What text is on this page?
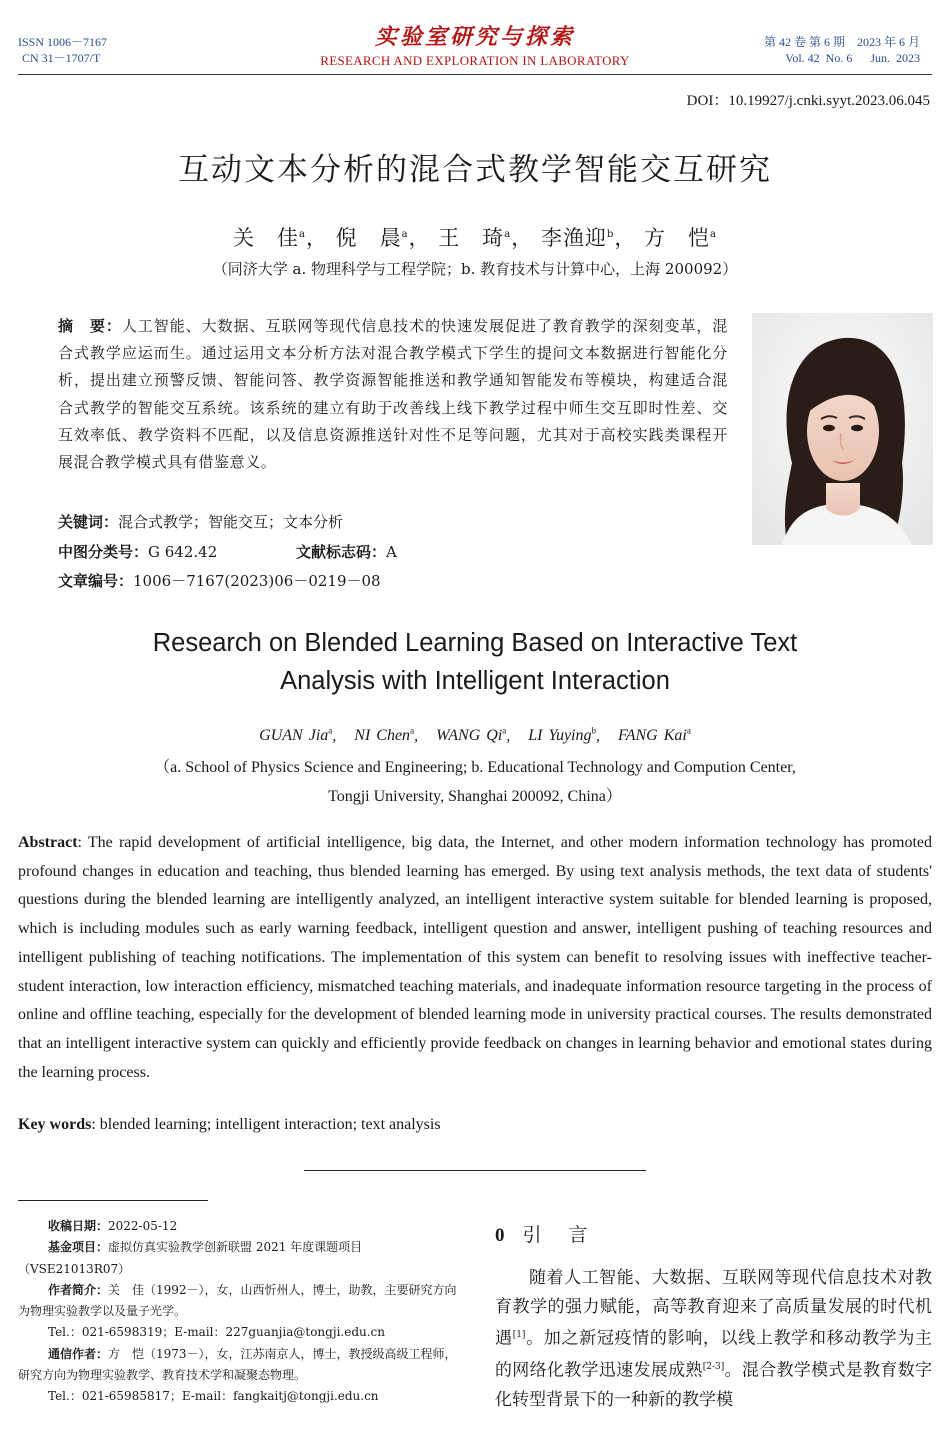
ISSN 1006－7167
CN 31－1707/T
实验室研究与探索
RESEARCH AND EXPLORATION IN LABORATORY
第 42 卷 第 6 期    2023 年 6 月
Vol. 42  No. 6      Jun.  2023
DOI：10.19927/j.cnki.syyt.2023.06.045
互动文本分析的混合式教学智能交互研究
关　佳$^a$， 倪　晨$^a$， 王　琦$^a$， 李渔迎$^b$， 方　恺$^a$
（同济大学 a. 物理科学与工程学院；b. 教育技术与计算中心，上海 200092）
摘　要：人工智能、大数据、互联网等现代信息技术的快速发展促进了教育教学的深刻变革，混合式教学应运而生。通过运用文本分析方法对混合教学模式下学生的提问文本数据进行智能化分析，提出建立预警反馈、智能问答、教学资源智能推送和教学通知智能发布等模块，构建适合混合式教学的智能交互系统。该系统的建立有助于改善线上线下教学过程中师生交互即时性差、交互效率低、教学资料不匹配，以及信息资源推送针对性不足等问题，尤其对于高校实践类课程开展混合教学模式具有借鉴意义。
关键词：混合式教学；智能交互；文本分析
中图分类号：G 642.42	文献标志码：A
文章编号：1006－7167(2023)06－0219－08
Research on Blended Learning Based on Interactive Text Analysis with Intelligent Interaction
GUAN Jia$^a$,   NI Chen$^a$,   WANG Qi$^a$,   LI Yuying$^b$,   FANG Kai$^a$
（a. School of Physics Science and Engineering; b. Educational Technology and Compution Center,
Tongji University, Shanghai 200092, China）
Abstract: The rapid development of artificial intelligence, big data, the Internet, and other modern information technology has promoted profound changes in education and teaching, thus blended learning has emerged. By using text analysis methods, the text data of students' questions during the blended learning are intelligently analyzed, an intelligent interactive system suitable for blended learning is proposed, which is including modules such as early warning feedback, intelligent question and answer, intelligent pushing of teaching resources and intelligent publishing of teaching notifications. The implementation of this system can benefit to resolving issues with ineffective teacher-student interaction, low interaction efficiency, mismatched teaching materials, and inadequate information resource targeting in the process of online and offline teaching, especially for the development of blended learning mode in university practical courses. The results demonstrated that an intelligent interactive system can quickly and efficiently provide feedback on changes in learning behavior and emotional states during the learning process.
Key words: blended learning; intelligent interaction; text analysis

收稿日期：2022-05-12

基金项目：虚拟仿真实验教学创新联盟 2021 年度课题项目（VSE21013R07）

作者简介：关　佳（1992－），女，山西忻州人，博士，助教，主要研究方向为物理实验教学以及量子光学。

Tel.：021-6598319；E-mail：227guanjia@tongji.edu.cn

通信作者：方　恺（1973－），女，江苏南京人，博士，教授级高级工程师，研究方向为物理实验教学、教育技术学和凝聚态物理。

Tel.：021-65985817；E-mail：fangkaitj@tongji.edu.cn

0 引　言
随着人工智能、大数据、互联网等现代信息技术对教育教学的强力赋能，高等教育迎来了高质量发展的时代机遇[1]。加之新冠疫情的影响，以线上教学和移动教学为主的网络化教学迅速发展成熟[2-3]。混合教学模式是教育数字化转型背景下的一种新的教学模
